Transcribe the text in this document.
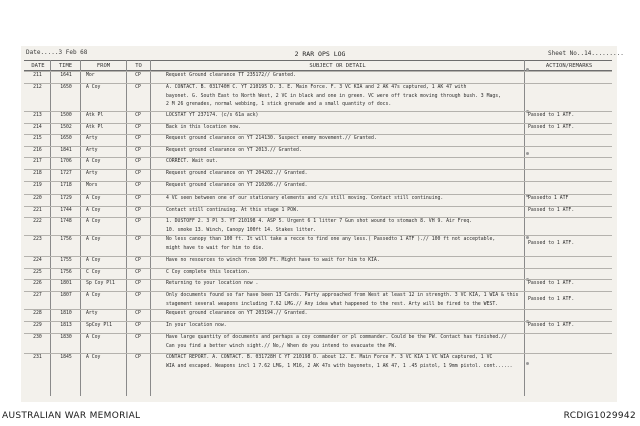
Date.....3 Feb 68	2 RAR OPS LOG	Sheet No..14.........
DATE	TIME	FROM	TO	SUBJECT OR DETAIL	ACTION/REMARKS
211	1641	Mor	CP	Request Ground clearance TT 235172// Granted.
212	1650	A Coy	CP	A. CONTACT. B. 031740H C. YT 210195 D. 3. E. Main Force. F. 3 VC KIA and 2 AK 47s captured, 1 AK 47 with
bayonet. G. South East to North West, 2 VC in black and one in green. VC were off track moving through bush. 3 Mags,
2 M 26 grenades, normal webbing, 1 stick grenade and a small quantity of docs.
213	1500	Atk Pl	CP	LOCSTAT YT 237174. (c/s 61a ack)	Passed to 1 ATF.
214	1502	Atk Pl	CP	Back in this location now.	Passed to 1 ATF.
215	1650	Arty	CP	Request ground clearance on YT 214130. Suspect enemy movement.// Granted.
216	1841	Arty	CP	Request ground clearance on YT 2013.// Granted.
217	1706	A Coy	CP	CORRECT. Wait out.
218	1727	Arty	CP	Request ground clearance on YT 204202.// Granted.
219	1718	Mors	CP	Request ground clearance on YT 210206.// Granted.
220	1729	A Coy	CP	4 VC seen between one of our stationary elements and c/s still moving. Contact still continuing.	Passedto 1 ATF
221	1744	A Coy	CP	Contact still continuing. At this stage 1 POW.	Passed to 1 ATF.
222	1748	A Coy	CP	1. DUSTOFF 2. 3 Pl 3. YT 210198 4. ASP 5. Urgent 6 1 litter 7 Gun shot wound to stomach 8. VH 9. Air Freq.
10. smoke 13. Winch, Canopy 100ft 14. Stakes litter.
223	1756	A Coy	CP	No less canopy than 100 ft. It will take a recce to find one any less.( Passedto 1 ATF ).// 100 ft not acceptable,
might have to wait for him to die.
Passed to 1 ATF.
224	1755	A Coy	CP	Have no resources to winch from 100 Ft. Might have to wait for him to KIA.
225	1756	C Coy	CP	C Coy complete this location.
226	1801	Sp Coy Pl1	CP	Returning to your location now .	Passed to 1 ATF.
227	1807	A Coy	CP	Only documents found so far have been 13 Cards. Party approached from West at least 12 in strength. 3 VC KIA, 1 WIA & this
stagement several weapons including 7.62 LMG.// Any idea what happened to the rest. Arty will be fired to the WEST.
Passed to 1 ATF.
228	1810	Arty	CP	Request ground clearance on YT 203194.// Granted.
229	1813	SpCoy Pl1	CP	In your location now.	Passed to 1 ATF.
230	1830	A Coy	CP	Have large quantity of documents and perhaps a coy commander or pl commander. Could be the PW. Contact has finished.//
Can you find a better winch sight.// No,/ When do you intend to evacuate the PW.
231	1845	A Coy	CP	CONTACT REPORT. A. CONTACT. B. 031728H C YT 210198 D. about 12. E. Main Force F. 3 VC KIA 1 VC WIA captured, 1 VC
WIA and escaped. Weapons incl 1 7.62 LMG, 1 M16, 2 AK 47s with bayonets, 1 AK 47, 1 .45 pistol, 1 9mm pistol. cont......
AUSTRALIAN WAR MEMORIAL	RCDIG1029942
